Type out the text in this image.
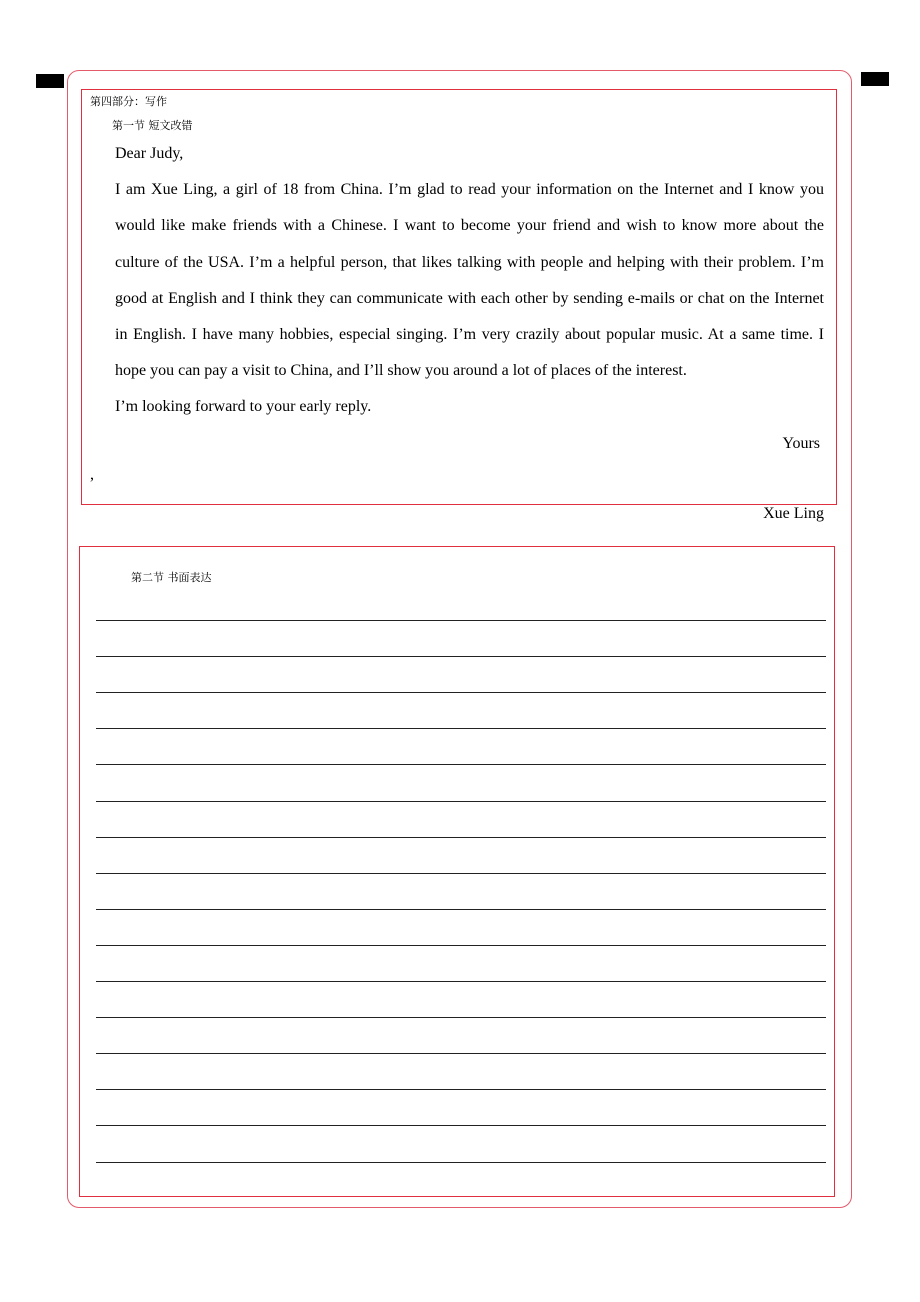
第四部分：写作
第一节 短文改错

Dear Judy,

I am Xue Ling, a girl of 18 from China. I’m glad to read your information on the Internet and I know you would like make friends with a Chinese. I want to become your friend and wish to know more about the culture of the USA. I’m a helpful person, that likes talking with people and helping with their problem. I’m good at English and I think they can communicate with each other by sending e-mails or chat on the Internet in English. I have many hobbies, especial singing. I’m very crazily about popular music. At a same time. I hope you can pay a visit to China, and I’ll show you around a lot of places of the interest.

I’m looking forward to your early reply.

Yours

,
Xue Ling
第二节 书面表达
